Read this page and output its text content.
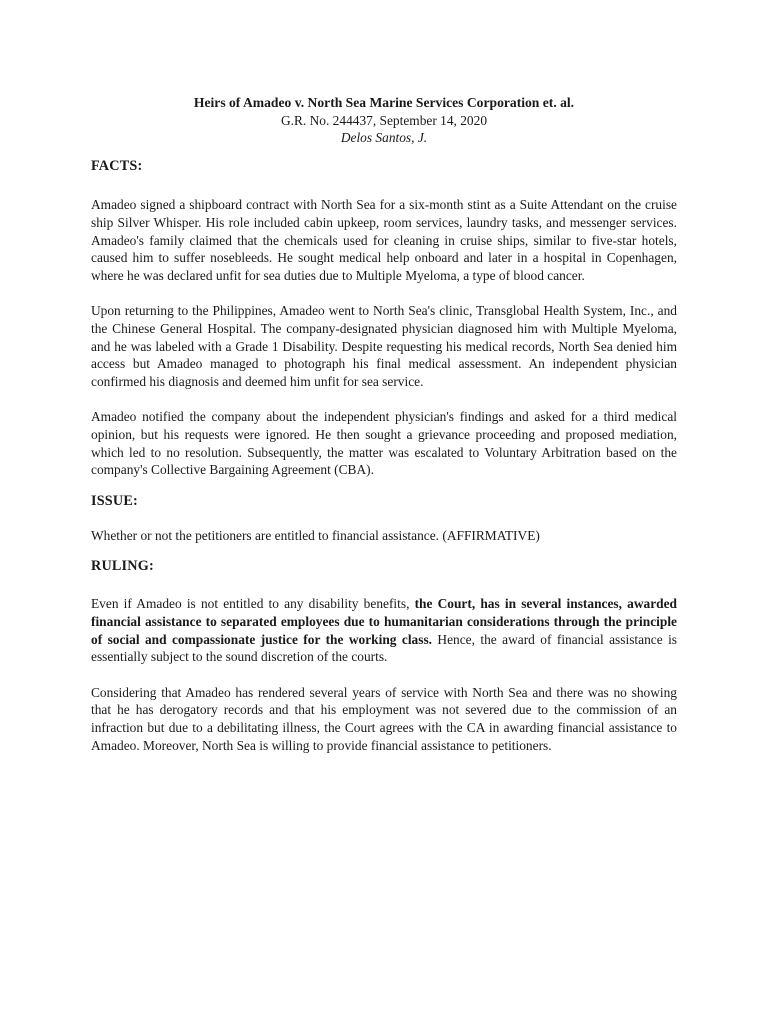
Heirs of Amadeo v. North Sea Marine Services Corporation et. al.
G.R. No. 244437, September 14, 2020
Delos Santos, J.
FACTS:

Amadeo signed a shipboard contract with North Sea for a six-month stint as a Suite Attendant on the cruise ship Silver Whisper. His role included cabin upkeep, room services, laundry tasks, and messenger services. Amadeo's family claimed that the chemicals used for cleaning in cruise ships, similar to five-star hotels, caused him to suffer nosebleeds. He sought medical help onboard and later in a hospital in Copenhagen, where he was declared unfit for sea duties due to Multiple Myeloma, a type of blood cancer.

Upon returning to the Philippines, Amadeo went to North Sea's clinic, Transglobal Health System, Inc., and the Chinese General Hospital. The company-designated physician diagnosed him with Multiple Myeloma, and he was labeled with a Grade 1 Disability. Despite requesting his medical records, North Sea denied him access but Amadeo managed to photograph his final medical assessment. An independent physician confirmed his diagnosis and deemed him unfit for sea service.

Amadeo notified the company about the independent physician's findings and asked for a third medical opinion, but his requests were ignored. He then sought a grievance proceeding and proposed mediation, which led to no resolution. Subsequently, the matter was escalated to Voluntary Arbitration based on the company's Collective Bargaining Agreement (CBA).

ISSUE:

Whether or not the petitioners are entitled to financial assistance. (AFFIRMATIVE)

RULING:

Even if Amadeo is not entitled to any disability benefits, the Court, has in several instances, awarded financial assistance to separated employees due to humanitarian considerations through the principle of social and compassionate justice for the working class. Hence, the award of financial assistance is essentially subject to the sound discretion of the courts.

Considering that Amadeo has rendered several years of service with North Sea and there was no showing that he has derogatory records and that his employment was not severed due to the commission of an infraction but due to a debilitating illness, the Court agrees with the CA in awarding financial assistance to Amadeo. Moreover, North Sea is willing to provide financial assistance to petitioners.
